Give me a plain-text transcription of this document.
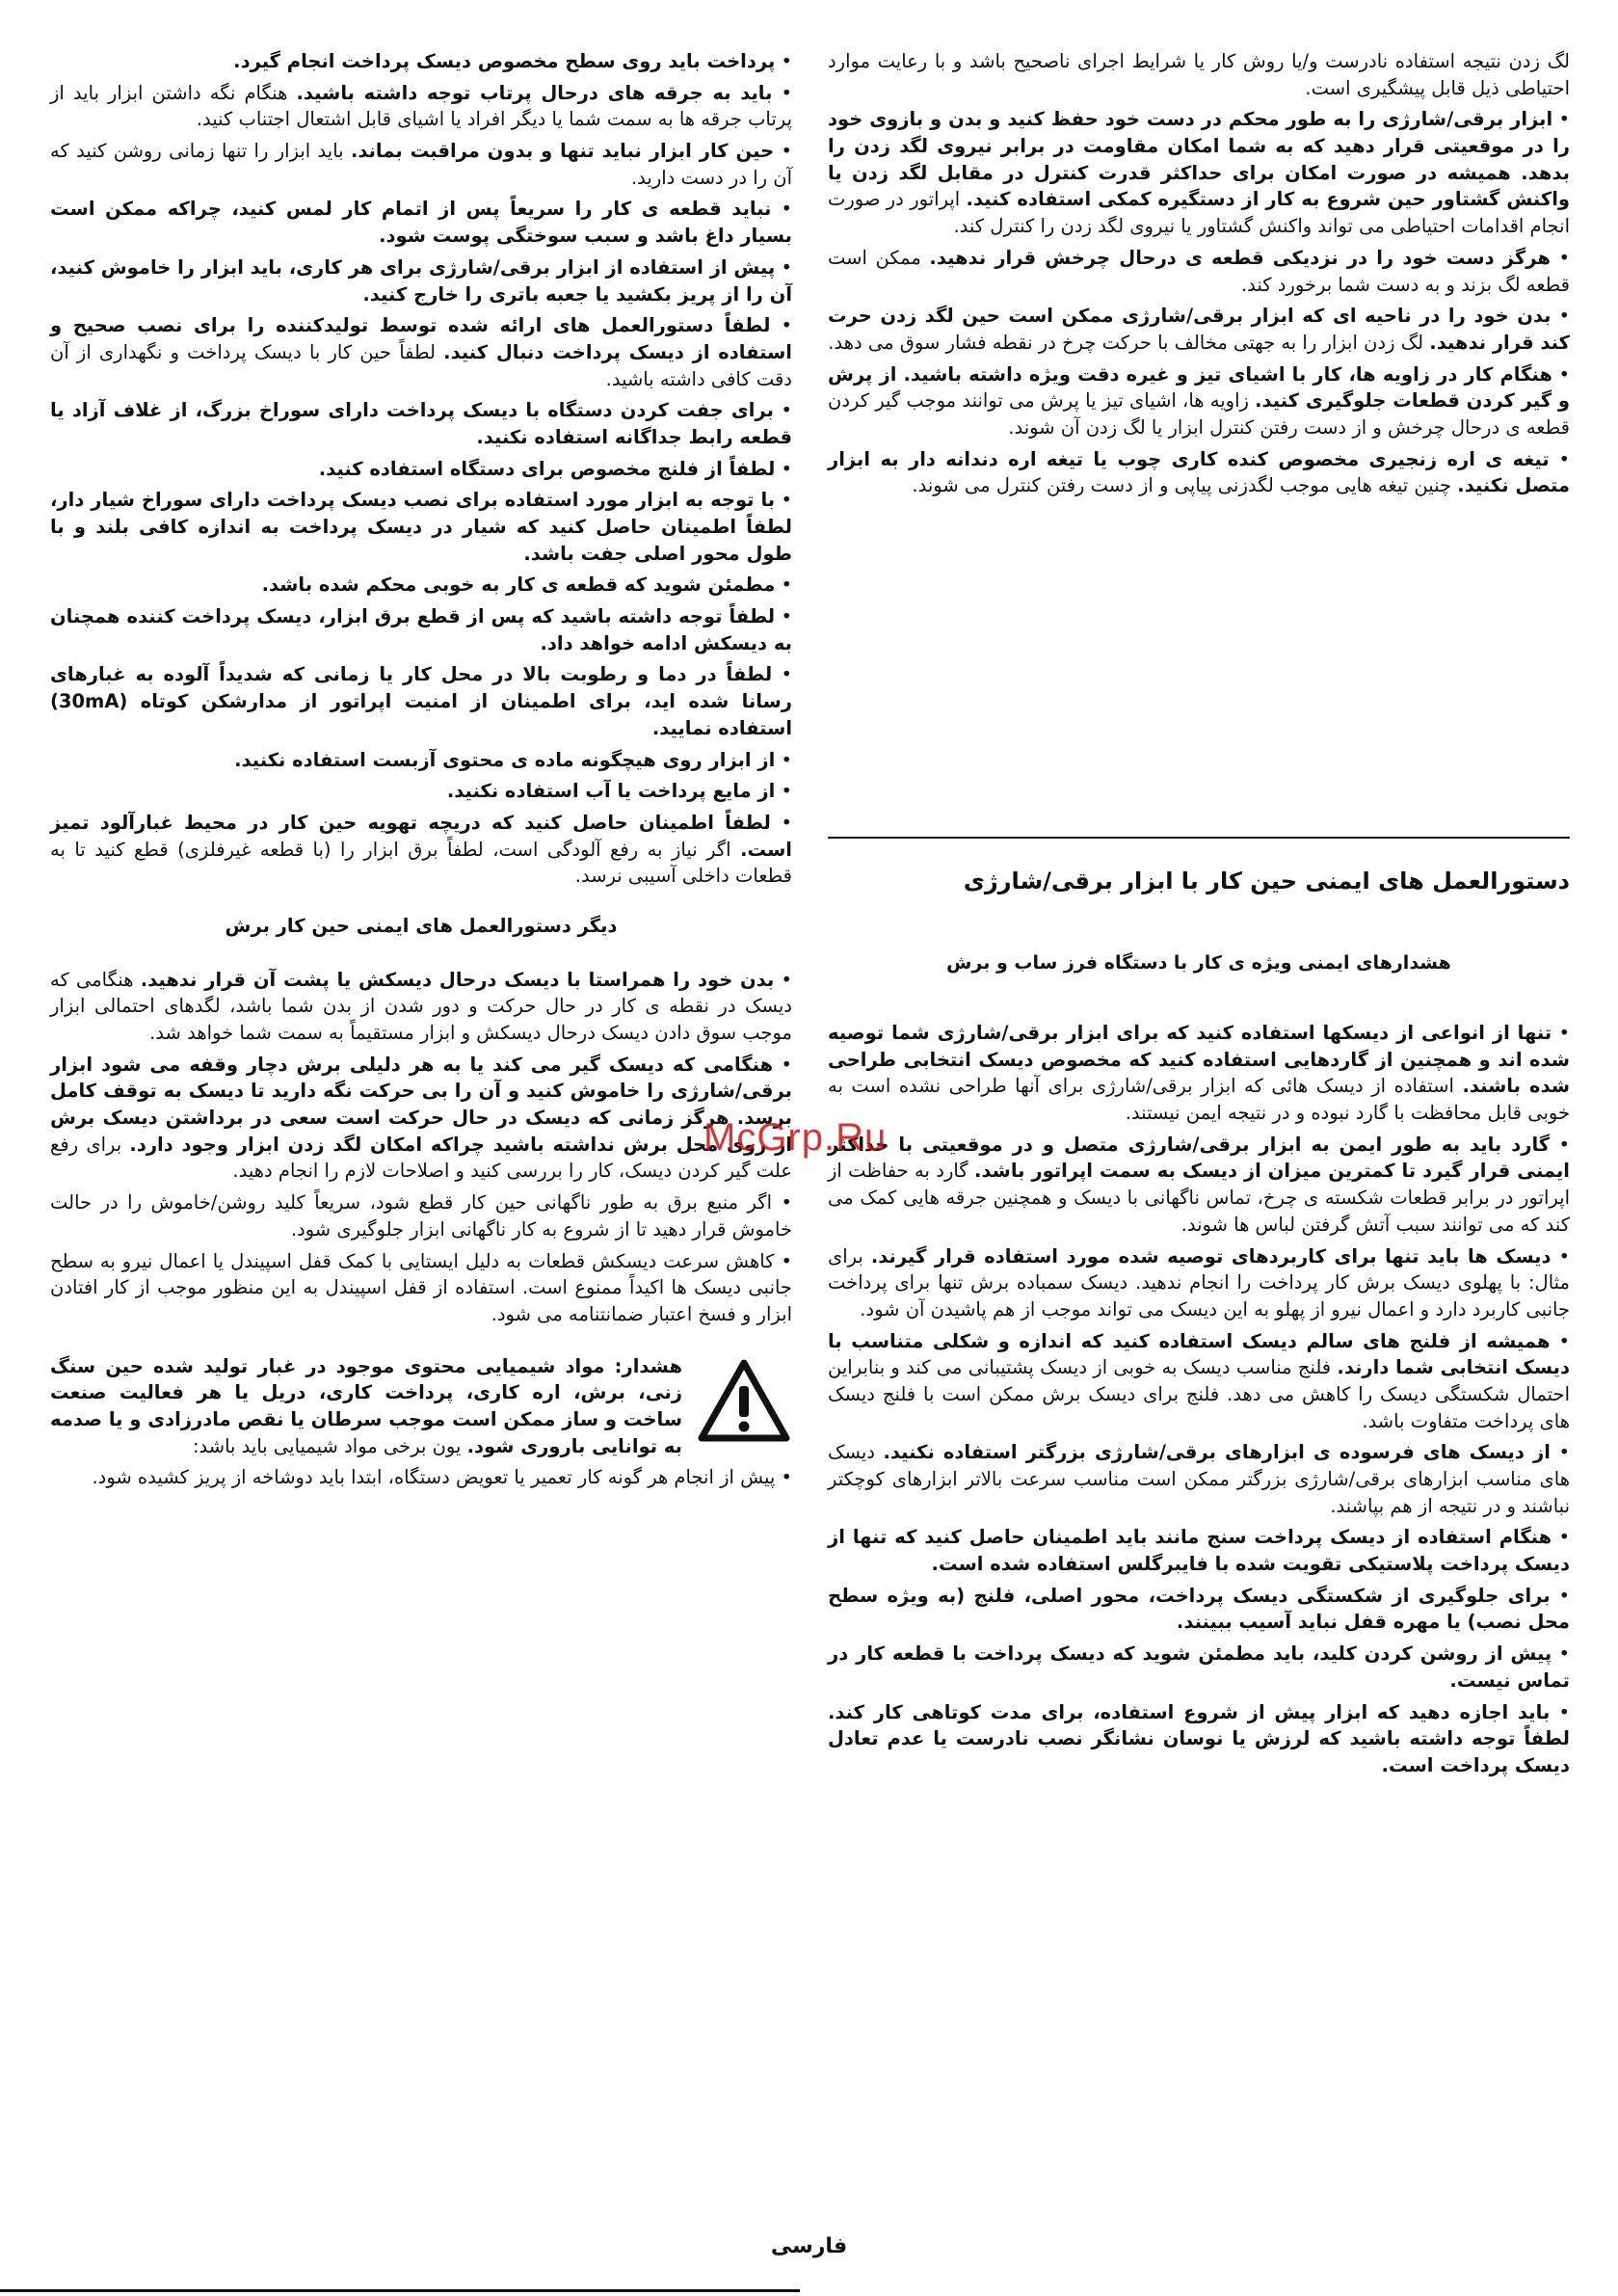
لگ زدن نتیجه استفاده نادرست و/یا روش کار یا شرایط اجرای ناصحیح باشد و با رعایت موارد احتیاطی ذیل قابل پیشگیری است.

• ابزار برقی/شارژی را به طور محکم در دست خود حفظ کنید و بدن و بازوی خود را در موقعیتی قرار دهید که به شما امکان مقاومت در برابر نیروی لگد زدن را بدهد. همیشه در صورت امکان برای حداکثر قدرت کنترل در مقابل لگد زدن یا واکنش گشتاور حین شروع به کار از دستگیره کمکی استفاده کنید. اپراتور در صورت انجام اقدامات احتیاطی می تواند واکنش گشتاور یا نیروی لگد زدن را کنترل کند.

• هرگز دست خود را در نزدیکی قطعه ی درحال چرخش قرار ندهید. ممکن است قطعه لگ بزند و به دست شما برخورد کند.

• بدن خود را در ناحیه ای که ابزار برقی/شارژی ممکن است حین لگد زدن حرت کند قرار ندهید. لگ زدن ابزار را به جهتی مخالف با حرکت چرخ در نقطه فشار سوق می دهد.

• هنگام کار در زاویه ها، کار با اشیای تیز و غیره دقت ویژه داشته باشید. از پرش و گیر کردن قطعات جلوگیری کنید. زاویه ها، اشیای تیز یا پرش می توانند موجب گیر کردن قطعه ی درحال چرخش و از دست رفتن کنترل ابزار یا لگ زدن آن شوند.

• تیغه ی اره زنجیری مخصوص کنده کاری چوب یا تیغه اره دندانه دار به ابزار متصل نکنید. چنین تیغه هایی موجب لگدزنی پیاپی و از دست رفتن کنترل می شوند.

دستورالعمل های ایمنی حین کار با ابزار برقی/شارژی
هشدارهای ایمنی ویژه ی کار با دستگاه فرز ساب و برش

• تنها از انواعی از دیسکها استفاده کنید که برای ابزار برقی/شارژی شما توصیه شده اند و همچنین از گاردهایی استفاده کنید که مخصوص دیسک انتخابی طراحی شده باشند. استفاده از دیسک هائی که ابزار برقی/شارژی برای آنها طراحی نشده است به خوبی قابل محافظت با گارد نبوده و در نتیجه ایمن نیستند.

• گارد باید به طور ایمن به ابزار برقی/شارژی متصل و در موقعیتی با حداکثر ایمنی قرار گیرد تا کمترین میزان از دیسک به سمت اپراتور باشد. گارد به حفاظت از اپراتور در برابر قطعات شکسته ی چرخ، تماس ناگهانی با دیسک و همچنین جرقه هایی کمک می کند که می توانند سبب آتش گرفتن لباس ها شوند.

• دیسک ها باید تنها برای کاربردهای توصیه شده مورد استفاده قرار گیرند. برای مثال: با پهلوی دیسک برش کار پرداخت را انجام ندهید. دیسک سمباده برش تنها برای پرداخت جانبی کاربرد دارد و اعمال نیرو از پهلو به این دیسک می تواند موجب از هم پاشیدن آن شود.

• همیشه از فلنج های سالم دیسک استفاده کنید که اندازه و شکلی متناسب با دیسک انتخابی شما دارند. فلنج مناسب دیسک به خوبی از دیسک پشتیبانی می کند و بنابراین احتمال شکستگی دیسک را کاهش می دهد. فلنج برای دیسک برش ممکن است با فلنج دیسک های پرداخت متفاوت باشد.

• از دیسک های فرسوده ی ابزارهای برقی/شارژی بزرگتر استفاده نکنید. دیسک های مناسب ابزارهای برقی/شارژی بزرگتر ممکن است مناسب سرعت بالاتر ابزارهای کوچکتر نباشند و در نتیجه از هم بپاشند.

• هنگام استفاده از دیسک پرداخت سنج مانند باید اطمینان حاصل کنید که تنها از دیسک پرداخت پلاستیکی تقویت شده با فایبرگلس استفاده شده است.

• برای جلوگیری از شکستگی دیسک پرداخت، محور اصلی، فلنج (به ویژه سطح محل نصب) یا مهره قفل نباید آسیب ببینند.

• پیش از روشن کردن کلید، باید مطمئن شوید که دیسک پرداخت با قطعه کار در تماس نیست.

• باید اجازه دهید که ابزار پیش از شروع استفاده، برای مدت کوتاهی کار کند. لطفاً توجه داشته باشید که لرزش یا نوسان نشانگر نصب نادرست یا عدم تعادل دیسک پرداخت است.

• پرداخت باید روی سطح مخصوص دیسک پرداخت انجام گیرد.

• باید به جرقه های درحال پرتاب توجه داشته باشید. هنگام نگه داشتن ابزار باید از پرتاب جرقه ها به سمت شما یا دیگر افراد یا اشیای قابل اشتعال اجتناب کنید.

• حین کار ابزار نباید تنها و بدون مراقبت بماند. باید ابزار را تنها زمانی روشن کنید که آن را در دست دارید.

• نباید قطعه ی کار را سریعاً پس از اتمام کار لمس کنید، چراکه ممکن است بسیار داغ باشد و سبب سوختگی پوست شود.

• پیش از استفاده از ابزار برقی/شارژی برای هر کاری، باید ابزار را خاموش کنید، آن را از پریز بکشید یا جعبه باتری را خارج کنید.

• لطفاً دستورالعمل های ارائه شده توسط تولیدکننده را برای نصب صحیح و استفاده از دیسک پرداخت دنبال کنید. لطفاً حین کار با دیسک پرداخت و نگهداری از آن دقت کافی داشته باشید.

• برای جفت کردن دستگاه با دیسک پرداخت دارای سوراخ بزرگ، از غلاف آزاد یا قطعه رابط جداگانه استفاده نکنید.

• لطفاً از فلنج مخصوص برای دستگاه استفاده کنید.

• با توجه به ابزار مورد استفاده برای نصب دیسک پرداخت دارای سوراخ شیار دار، لطفاً اطمینان حاصل کنید که شیار در دیسک پرداخت به اندازه کافی بلند و با طول محور اصلی جفت باشد.

• مطمئن شوید که قطعه ی کار به خوبی محکم شده باشد.

• لطفاً توجه داشته باشید که پس از قطع برق ابزار، دیسک پرداخت کننده همچنان به دیسکش ادامه خواهد داد.

• لطفاً در دما و رطوبت بالا در محل کار یا زمانی که شدیداً آلوده به غبارهای رسانا شده اید، برای اطمینان از امنیت اپراتور از مدارشکن کوتاه (30mA) استفاده نمایید.

• از ابزار روی هیچگونه ماده ی محتوی آزبست استفاده نکنید.

• از مایع پرداخت یا آب استفاده نکنید.

• لطفاً اطمینان حاصل کنید که دریچه تهویه حین کار در محیط غبارآلود تمیز است. اگر نیاز به رفع آلودگی است، لطفاً برق ابزار را (با قطعه غیرفلزی) قطع کنید تا به قطعات داخلی آسیبی نرسد.

دیگر دستورالعمل های ایمنی حین کار برش

• بدن خود را همراستا با دیسک درحال دیسکش یا پشت آن قرار ندهید. هنگامی که دیسک در نقطه ی کار در حال حرکت و دور شدن از بدن شما باشد، لگدهای احتمالی ابزار موجب سوق دادن دیسک درحال دیسکش و ابزار مستقیماً به سمت شما خواهد شد.

• هنگامی که دیسک گیر می کند یا به هر دلیلی برش دچار وقفه می شود ابزار برقی/شارژی را خاموش کنید و آن را بی حرکت نگه دارید تا دیسک به توقف کامل برسد. هرگز زمانی که دیسک در حال حرکت است سعی در برداشتن دیسک برش از روی محل برش نداشته باشید چراکه امکان لگد زدن ابزار وجود دارد. برای رفع علت گیر کردن دیسک، کار را بررسی کنید و اصلاحات لازم را انجام دهید.

• اگر منبع برق به طور ناگهانی حین کار قطع شود، سریعاً کلید روشن/خاموش را در حالت خاموش قرار دهید تا از شروع به کار ناگهانی ابزار جلوگیری شود.

• کاهش سرعت دیسکش قطعات به دلیل ایستایی با کمک قفل اسپیندل یا اعمال نیرو به سطح جانبی دیسک ها اکیداً ممنوع است. استفاده از قفل اسپیندل به این منظور موجب از کار افتادن ابزار و فسخ اعتبار ضمانتنامه می شود.

هشدار: مواد شیمیایی محتوی موجود در غبار تولید شده حین سنگ زنی، برش، اره کاری، پرداخت کاری، دریل یا هر فعالیت صنعت ساخت و ساز ممکن است موجب سرطان یا نقص مادرزادی و یا صدمه به توانایی باروری شود. یون برخی مواد شیمیایی باید باشد:

• پیش از انجام هر گونه کار تعمیر یا تعویض دستگاه، ابتدا باید دوشاخه از پریز کشیده شود.

McGrp.Ru
فارسی
